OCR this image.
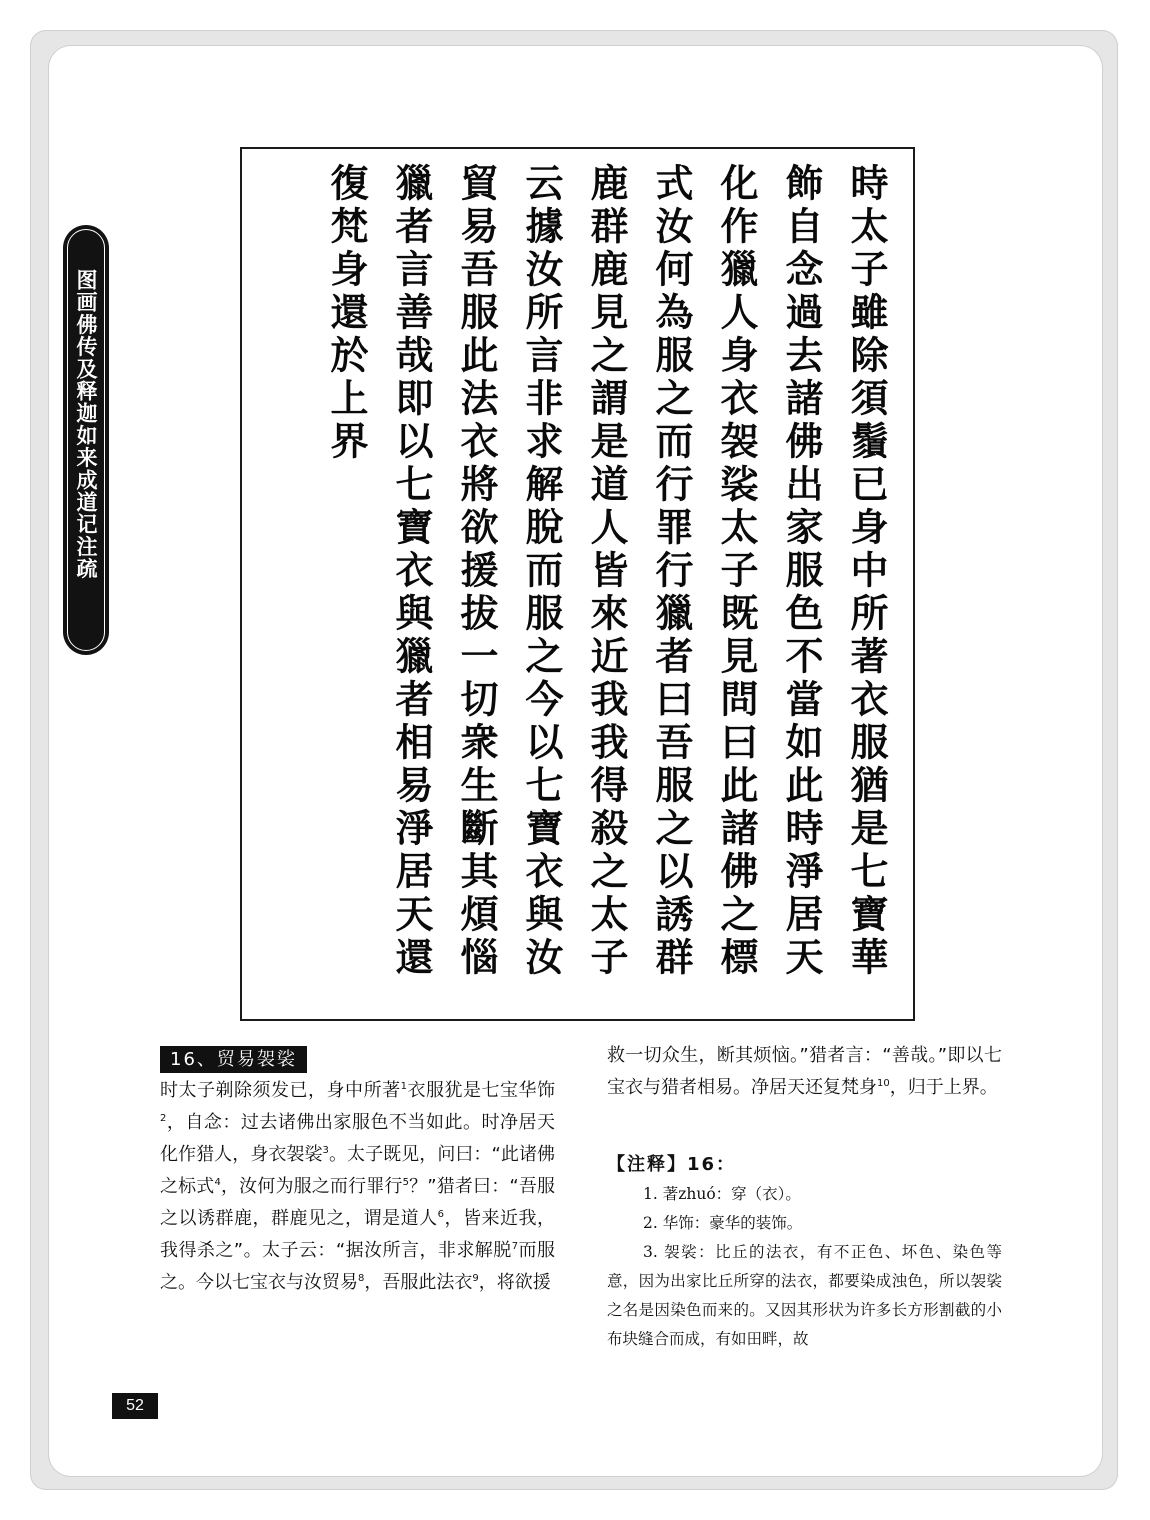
图画佛传及释迦如来成道记注疏	時太子雖除須鬚已身中所著衣服猶是七寶華飾自念過去諸佛出家服色不當如此時淨居天化作獵人身衣袈裟太子既見問曰此諸佛之標式汝何為服之而行罪行獵者曰吾服之以誘群鹿群鹿見之謂是道人皆來近我我得殺之太子云據汝所言非求解脫而服之今以七寶衣與汝貿易吾服此法衣將欲援拔一切衆生斷其煩惱獵者言善哉即以七寶衣與獵者相易淨居天還復梵身還於上界
16、贸易袈裟
时太子剃除须发已，身中所著$^1$衣服犹是七宝华饰$^2$，自念：过去诸佛出家服色不当如此。时净居天化作猎人，身衣袈裟$^3$。太子既见，问曰：“此诸佛之标式$^4$，汝何为服之而行罪行$^5$？”猎者曰：“吾服之以诱群鹿，群鹿见之，谓是道人$^6$，皆来近我，我得杀之”。太子云：“据汝所言，非求解脱$^7$而服之。今以七宝衣与汝贸易$^8$，吾服此法衣$^9$，将欲援
救一切众生，断其烦恼。”猎者言：“善哉。”即以七宝衣与猎者相易。净居天还复梵身$^{10}$，归于上界。
【注释】16：

1. 著zhuó：穿（衣）。

2. 华饰：豪华的装饰。

3. 袈裟：比丘的法衣，有不正色、坏色、染色等意，因为出家比丘所穿的法衣，都要染成浊色，所以袈裟之名是因染色而来的。又因其形状为许多长方形割截的小布块缝合而成，有如田畔，故

52
